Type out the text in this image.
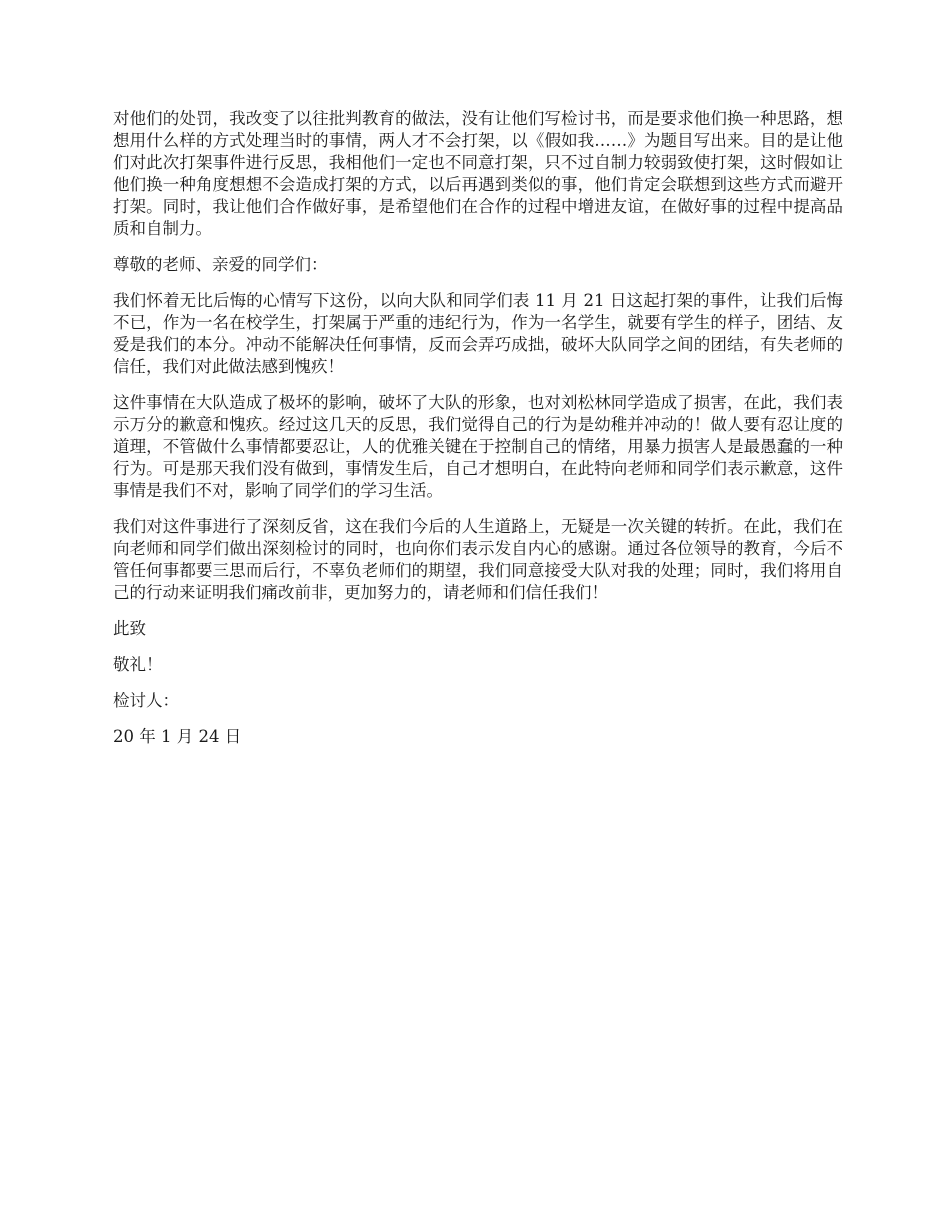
对他们的处罚，我改变了以往批判教育的做法，没有让他们写检讨书，而是要求他们换一种思路，想想用什么样的方式处理当时的事情，两人才不会打架，以《假如我……》为题目写出来。目的是让他们对此次打架事件进行反思，我相他们一定也不同意打架，只不过自制力较弱致使打架，这时假如让他们换一种角度想想不会造成打架的方式，以后再遇到类似的事，他们肯定会联想到这些方式而避开打架。同时，我让他们合作做好事，是希望他们在合作的过程中增进友谊，在做好事的过程中提高品质和自制力。

尊敬的老师、亲爱的同学们：

我们怀着无比后悔的心情写下这份，以向大队和同学们表 11 月 21 日这起打架的事件，让我们后悔不已，作为一名在校学生，打架属于严重的违纪行为，作为一名学生，就要有学生的样子，团结、友爱是我们的本分。冲动不能解决任何事情，反而会弄巧成拙，破坏大队同学之间的团结，有失老师的信任，我们对此做法感到愧疚！

这件事情在大队造成了极坏的影响，破坏了大队的形象，也对刘松林同学造成了损害，在此，我们表示万分的歉意和愧疚。经过这几天的反思，我们觉得自己的行为是幼稚并冲动的！做人要有忍让度的道理，不管做什么事情都要忍让，人的优雅关键在于控制自己的情绪，用暴力损害人是最愚蠢的一种行为。可是那天我们没有做到，事情发生后，自己才想明白，在此特向老师和同学们表示歉意，这件事情是我们不对，影响了同学们的学习生活。

我们对这件事进行了深刻反省，这在我们今后的人生道路上，无疑是一次关键的转折。在此，我们在向老师和同学们做出深刻检讨的同时，也向你们表示发自内心的感谢。通过各位领导的教育，今后不管任何事都要三思而后行，不辜负老师们的期望，我们同意接受大队对我的处理；同时，我们将用自己的行动来证明我们痛改前非，更加努力的，请老师和们信任我们！

此致

敬礼！

检讨人：

20 年 1 月 24 日
